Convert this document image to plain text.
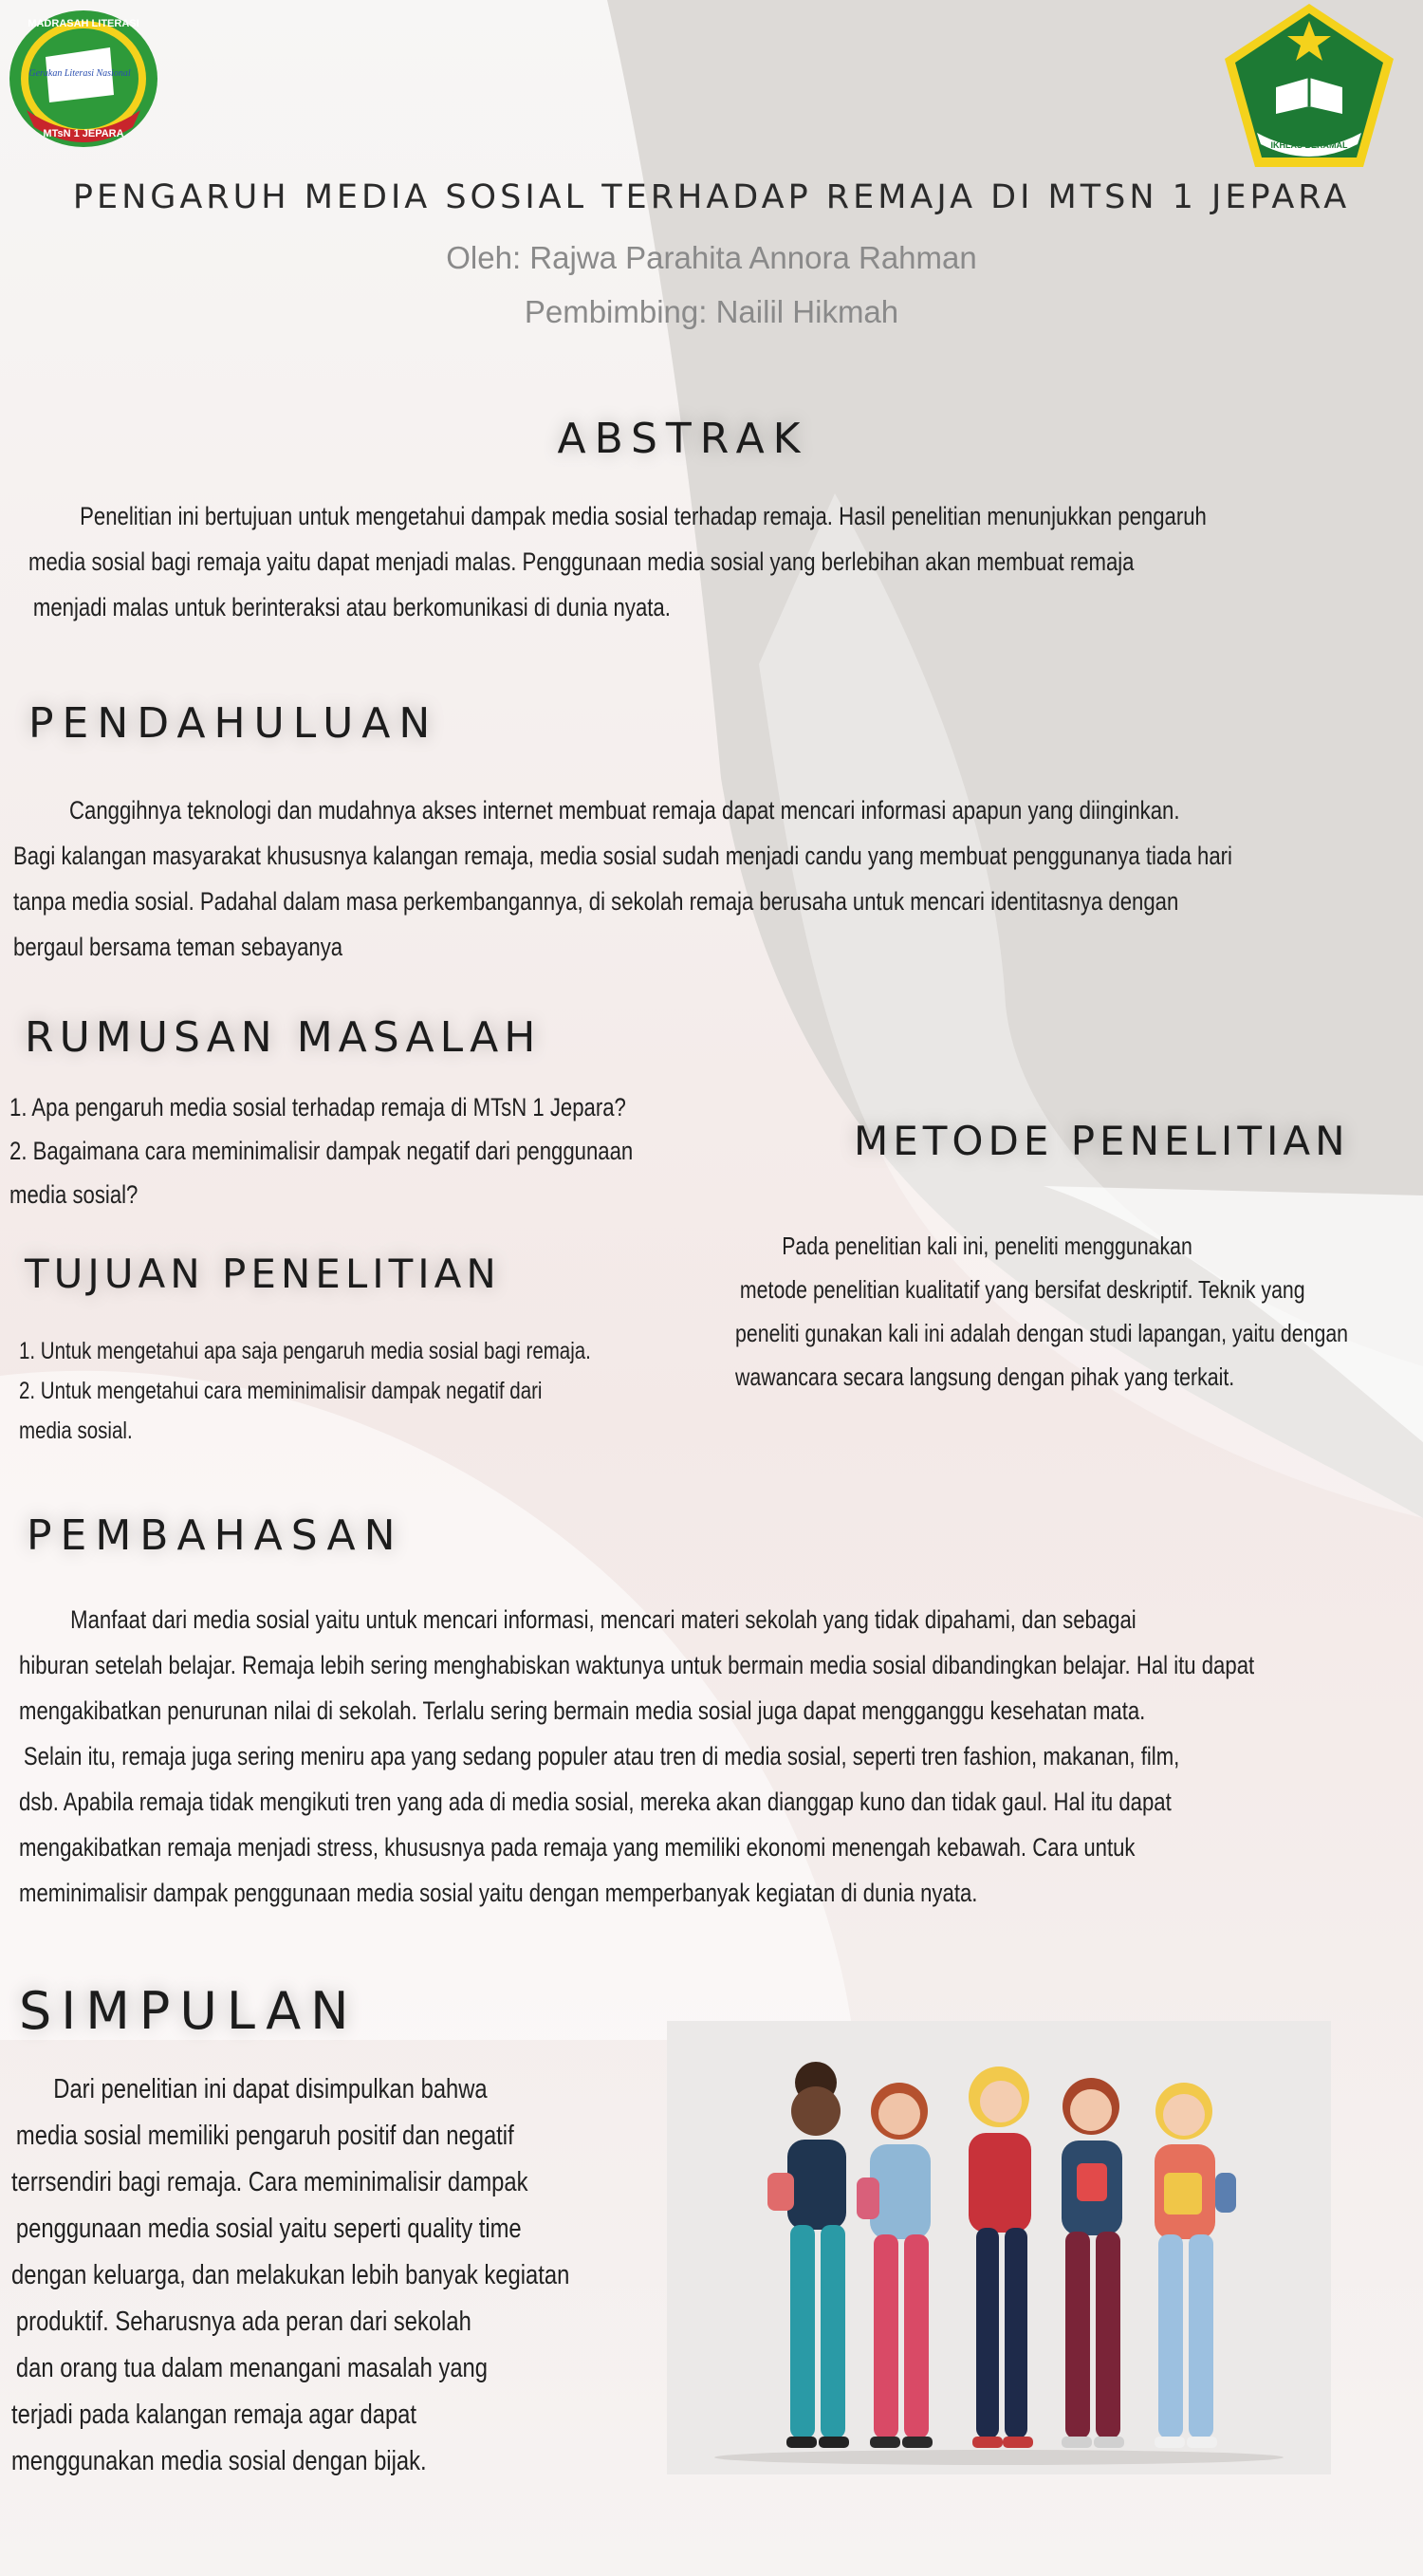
MADRASAH LITERASI
Gerakan Literasi Nasional
MTsN 1 JEPARA
IKHLAS BERAMAL
PENGARUH MEDIA SOSIAL TERHADAP REMAJA DI MTSN 1 JEPARA
Oleh: Rajwa Parahita Annora Rahman
Pembimbing: Nailil Hikmah
ABSTRAK
Penelitian ini bertujuan untuk mengetahui dampak media sosial terhadap remaja. Hasil penelitian menunjukkan pengaruh
media sosial bagi remaja yaitu dapat menjadi malas. Penggunaan media sosial yang berlebihan akan membuat remaja
menjadi malas untuk berinteraksi atau berkomunikasi di dunia nyata.
PENDAHULUAN
Canggihnya teknologi dan mudahnya akses internet membuat remaja dapat mencari informasi apapun yang diinginkan.
Bagi kalangan masyarakat khususnya kalangan remaja, media sosial sudah menjadi candu yang membuat penggunanya tiada hari
tanpa media sosial. Padahal dalam masa perkembangannya, di sekolah remaja berusaha untuk mencari identitasnya dengan
bergaul bersama teman sebayanya
RUMUSAN MASALAH
1. Apa pengaruh media sosial terhadap remaja di MTsN 1 Jepara?
2. Bagaimana cara meminimalisir dampak negatif dari penggunaan
media sosial?
METODE PENELITIAN
Pada penelitian kali ini, peneliti menggunakan
metode penelitian kualitatif yang bersifat deskriptif. Teknik yang
peneliti gunakan kali ini adalah dengan studi lapangan, yaitu dengan
wawancara secara langsung dengan pihak yang terkait.
TUJUAN PENELITIAN
1. Untuk mengetahui apa saja pengaruh media sosial bagi remaja.
2. Untuk mengetahui cara meminimalisir dampak negatif dari
media sosial.
PEMBAHASAN
Manfaat dari media sosial yaitu untuk mencari informasi, mencari materi sekolah yang tidak dipahami, dan sebagai
hiburan setelah belajar. Remaja lebih sering menghabiskan waktunya untuk bermain media sosial dibandingkan belajar. Hal itu dapat
mengakibatkan penurunan nilai di sekolah. Terlalu sering bermain media sosial juga dapat mengganggu kesehatan mata.
Selain itu, remaja juga sering meniru apa yang sedang populer atau tren di media sosial, seperti tren fashion, makanan, film,
dsb. Apabila remaja tidak mengikuti tren yang ada di media sosial, mereka akan dianggap kuno dan tidak gaul. Hal itu dapat
mengakibatkan remaja menjadi stress, khususnya pada remaja yang memiliki ekonomi menengah kebawah. Cara untuk
meminimalisir dampak penggunaan media sosial yaitu dengan memperbanyak kegiatan di dunia nyata.
SIMPULAN
Dari penelitian ini dapat disimpulkan bahwa
media sosial memiliki pengaruh positif dan negatif
terrsendiri bagi remaja. Cara meminimalisir dampak
penggunaan media sosial yaitu seperti quality time
dengan keluarga, dan melakukan lebih banyak kegiatan
produktif. Seharusnya ada peran dari sekolah
dan orang tua dalam menangani masalah yang
terjadi pada kalangan remaja agar dapat
menggunakan media sosial dengan bijak.
